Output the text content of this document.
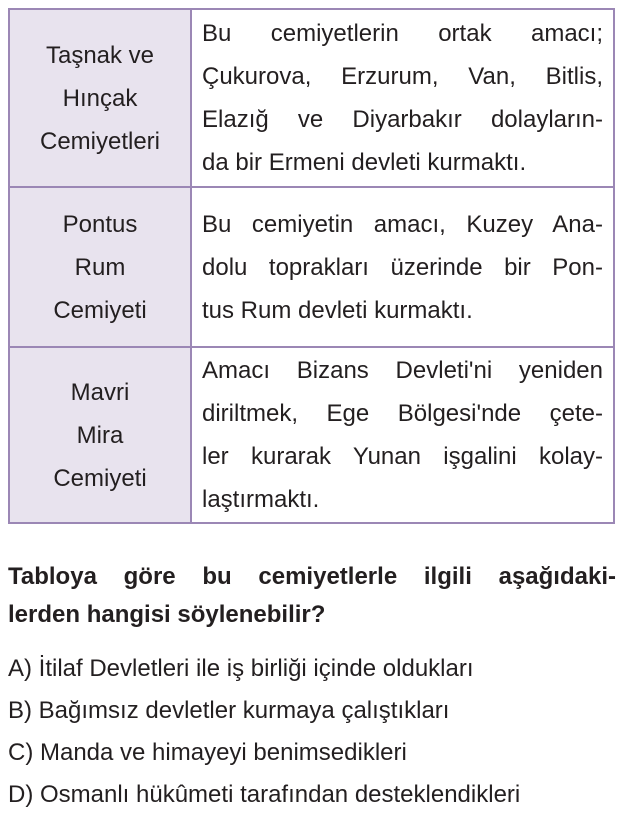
Taşnak ve
Hınçak
Cemiyetleri	Bu cemiyetlerin ortak amacı;
Çukurova, Erzurum, Van, Bitlis,
Elazığ ve Diyarbakır dolayların-
da bir Ermeni devleti kurmaktı.

Pontus
Rum
Cemiyeti	Bu cemiyetin amacı, Kuzey Ana-
dolu toprakları üzerinde bir Pon-
tus Rum devleti kurmaktı.

Mavri
Mira
Cemiyeti	Amacı Bizans Devleti'ni yeniden
diriltmek, Ege Bölgesi'nde çete-
ler kurarak Yunan işgalini kolay-
laştırmaktı.
Tabloya göre bu cemiyetlerle ilgili aşağıdaki-
lerden hangisi söylenebilir?
A) İtilaf Devletleri ile iş birliği içinde oldukları
B) Bağımsız devletler kurmaya çalıştıkları
C) Manda ve himayeyi benimsedikleri
D) Osmanlı hükûmeti tarafından desteklendikleri
